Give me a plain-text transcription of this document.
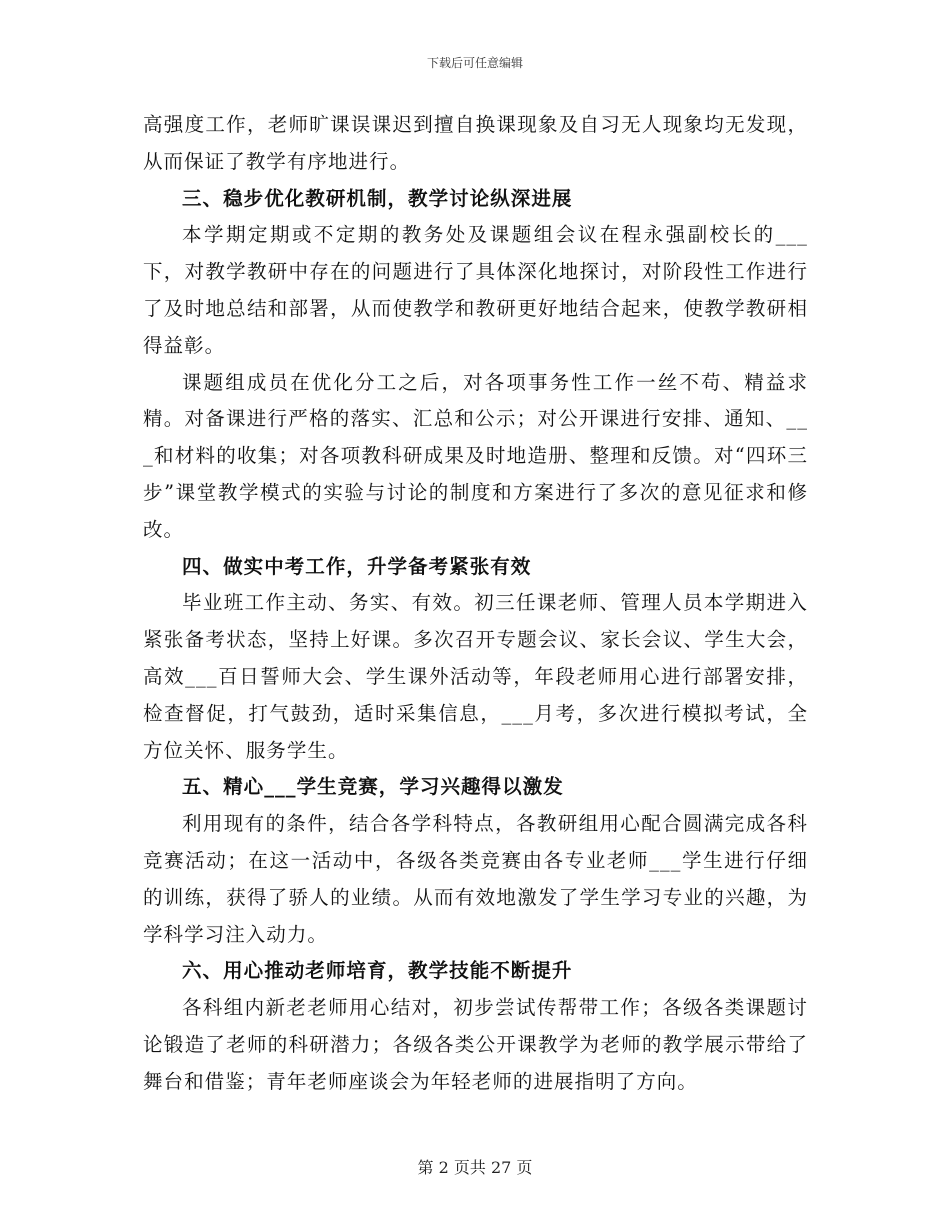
下载后可任意编辑

高强度工作，老师旷课误课迟到擅自换课现象及自习无人现象均无发现，从而保证了教学有序地进行。

三、稳步优化教研机制，教学讨论纵深进展

本学期定期或不定期的教务处及课题组会议在程永强副校长的___下，对教学教研中存在的问题进行了具体深化地探讨，对阶段性工作进行了及时地总结和部署，从而使教学和教研更好地结合起来，使教学教研相得益彰。

课题组成员在优化分工之后，对各项事务性工作一丝不苟、精益求精。对备课进行严格的落实、汇总和公示；对公开课进行安排、通知、___和材料的收集；对各项教科研成果及时地造册、整理和反馈。对“四环三步”课堂教学模式的实验与讨论的制度和方案进行了多次的意见征求和修改。

四、做实中考工作，升学备考紧张有效

毕业班工作主动、务实、有效。初三任课老师、管理人员本学期进入紧张备考状态，坚持上好课。多次召开专题会议、家长会议、学生大会，高效___百日誓师大会、学生课外活动等，年段老师用心进行部署安排，检查督促，打气鼓劲，适时采集信息，___月考，多次进行模拟考试，全方位关怀、服务学生。

五、精心___学生竞赛，学习兴趣得以激发

利用现有的条件，结合各学科特点，各教研组用心配合圆满完成各科竞赛活动；在这一活动中，各级各类竞赛由各专业老师___学生进行仔细的训练，获得了骄人的业绩。从而有效地激发了学生学习专业的兴趣，为学科学习注入动力。

六、用心推动老师培育，教学技能不断提升

各科组内新老老师用心结对，初步尝试传帮带工作；各级各类课题讨论锻造了老师的科研潜力；各级各类公开课教学为老师的教学展示带给了舞台和借鉴；青年老师座谈会为年轻老师的进展指明了方向。

第 2 页共 27 页
